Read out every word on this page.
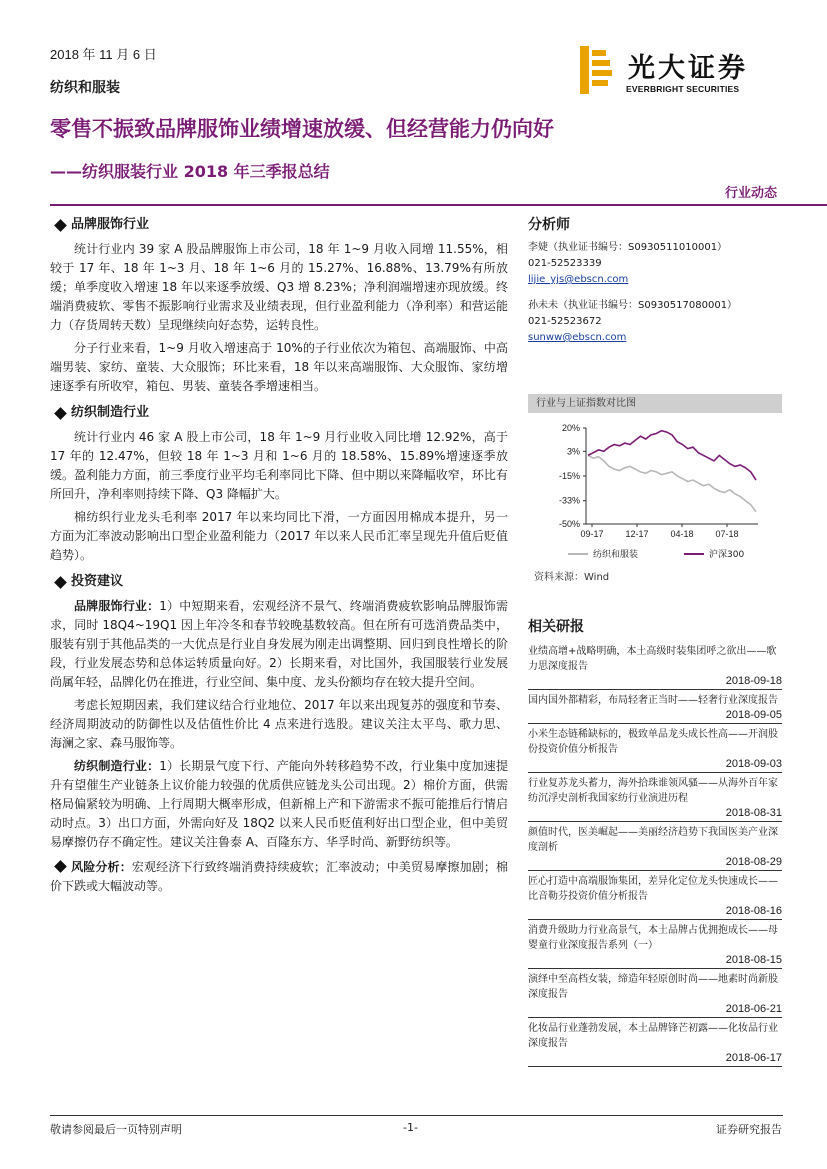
2018 年 11 月 6 日
纺织和服装
光大证券
EVERBRIGHT SECURITIES
零售不振致品牌服饰业绩增速放缓、但经营能力仍向好
——纺织服装行业 2018 年三季报总结
行业动态
品牌服饰行业

统计行业内 39 家 A 股品牌服饰上市公司，18 年 1~9 月收入同增 11.55%，相较于 17 年、18 年 1~3 月、18 年 1~6 月的 15.27%、16.88%、13.79%有所放缓；单季度收入增速 18 年以来逐季放缓、Q3 增 8.23%；净利润端增速亦现放缓。终端消费疲软、零售不振影响行业需求及业绩表现，但行业盈利能力（净利率）和营运能力（存货周转天数）呈现继续向好态势，运转良性。

分子行业来看，1~9 月收入增速高于 10%的子行业依次为箱包、高端服饰、中高端男装、家纺、童装、大众服饰；环比来看，18 年以来高端服饰、大众服饰、家纺增速逐季有所收窄，箱包、男装、童装各季增速相当。

纺织制造行业

统计行业内 46 家 A 股上市公司，18 年 1~9 月行业收入同比增 12.92%，高于 17 年的 12.47%，但较 18 年 1~3 月和 1~6 月的 18.58%、15.89%增速逐季放缓。盈利能力方面，前三季度行业平均毛利率同比下降、但中期以来降幅收窄，环比有所回升，净利率则持续下降、Q3 降幅扩大。

棉纺织行业龙头毛利率 2017 年以来均同比下滑，一方面因用棉成本提升，另一方面为汇率波动影响出口型企业盈利能力（2017 年以来人民币汇率呈现先升值后贬值趋势）。

投资建议

品牌服饰行业：1）中短期来看，宏观经济不景气、终端消费疲软影响品牌服饰需求，同时 18Q4~19Q1 因上年冷冬和春节较晚基数较高。但在所有可选消费品类中，服装有别于其他品类的一大优点是行业自身发展为刚走出调整期、回归到良性增长的阶段，行业发展态势和总体运转质量向好。2）长期来看，对比国外，我国服装行业发展尚属年轻，品牌化仍在推进，行业空间、集中度、龙头份额均存在较大提升空间。

考虑长短期因素，我们建议结合行业地位、2017 年以来出现复苏的强度和节奏、经济周期波动的防御性以及估值性价比 4 点来进行选股。建议关注太平鸟、歌力思、海澜之家、森马服饰等。

纺织制造行业：1）长期景气度下行、产能向外转移趋势不改，行业集中度加速提升有望催生产业链条上议价能力较强的优质供应链龙头公司出现。2）棉价方面，供需格局偏紧较为明确、上行周期大概率形成，但新棉上产和下游需求不振可能推后行情启动时点。3）出口方面，外需向好及 18Q2 以来人民币贬值利好出口型企业，但中美贸易摩擦仍存不确定性。建议关注鲁泰 A、百隆东方、华孚时尚、新野纺织等。

风险分析：宏观经济下行致终端消费持续疲软；汇率波动；中美贸易摩擦加剧；棉价下跌或大幅波动等。

分析师
李婕（执业证书编号：S0930511010001）
021-52523339
lijie_yjs@ebscn.com
孙未未（执业证书编号：S0930517080001）
021-52523672
sunww@ebscn.com
行业与上证指数对比图
20%
3%
-15%
-33%
-50%
09-17 12-17 04-18 07-18
纺织和服装	沪深300
资料来源：Wind
相关研报
业绩高增+战略明确，本土高级时装集团呼之欲出——歌力思深度报告
2018-09-18
国内国外都精彩，布局轻奢正当时——轻奢行业深度报告
2018-09-05
小米生态链稀缺标的，极致单品龙头成长性高——开润股份投资价值分析报告
2018-09-03
行业复苏龙头蓄力，海外拾珠谁领风骚——从海外百年家纺沉浮史剖析我国家纺行业演进历程
2018-08-31
颜值时代，医美崛起——美丽经济趋势下我国医美产业深度剖析
2018-08-29
匠心打造中高端服饰集团，差异化定位龙头快速成长——比音勒芬投资价值分析报告
2018-08-16
消费升级助力行业高景气，本土品牌占优拥抱成长——母婴童行业深度报告系列（一）
2018-08-15
演绎中至高档女装，缔造年轻原创时尚——地素时尚新股深度报告
2018-06-21
化妆品行业蓬勃发展，本土品牌锋芒初露——化妆品行业深度报告
2018-06-17
敬请参阅最后一页特别声明	-1-	证券研究报告
